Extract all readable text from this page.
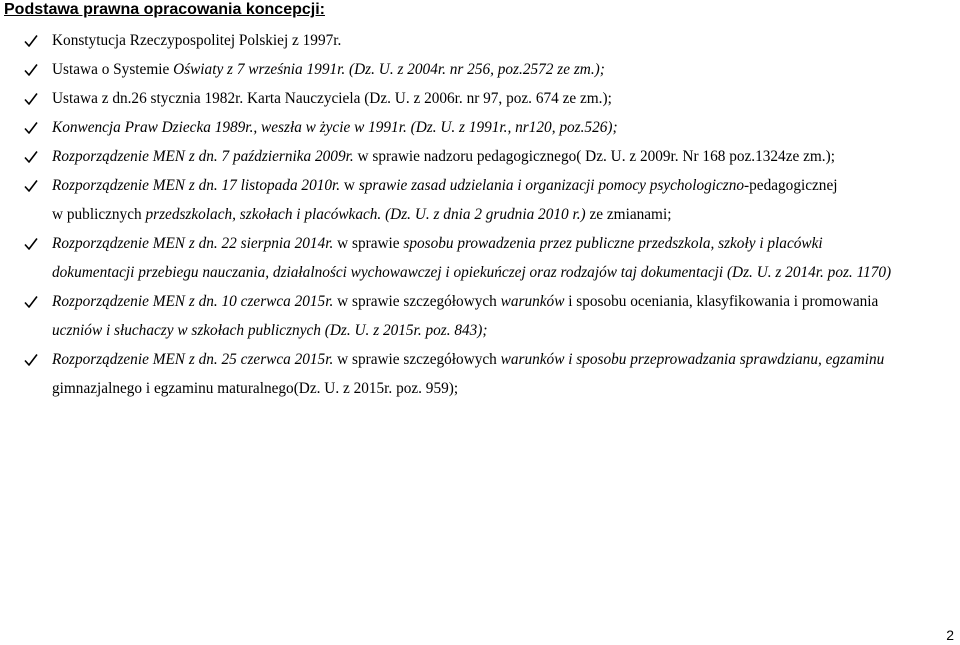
Podstawa prawna opracowania koncepcji:
Konstytucja Rzeczypospolitej Polskiej z 1997r.
Ustawa o Systemie Oświaty z 7 września 1991r. (Dz. U. z 2004r. nr 256, poz.2572 ze zm.);
Ustawa z dn.26 stycznia 1982r. Karta Nauczyciela (Dz. U. z 2006r. nr 97, poz. 674 ze zm.);
Konwencja Praw Dziecka 1989r., weszła w życie w 1991r. (Dz. U. z 1991r., nr120, poz.526);
Rozporządzenie MEN z dn. 7 października 2009r. w sprawie nadzoru pedagogicznego( Dz. U. z 2009r. Nr 168 poz.1324ze zm.);
Rozporządzenie MEN z dn. 17 listopada 2010r. w sprawie zasad udzielania i organizacji pomocy psychologiczno-pedagogicznej
w publicznych przedszkolach, szkołach i placówkach. (Dz. U. z dnia 2 grudnia 2010 r.) ze zmianami;
Rozporządzenie MEN z dn. 22 sierpnia 2014r. w sprawie sposobu prowadzenia przez publiczne przedszkola, szkoły i placówki
dokumentacji przebiegu nauczania, działalności wychowawczej i opiekuńczej oraz rodzajów taj dokumentacji (Dz. U. z 2014r. poz. 1170)
Rozporządzenie MEN z dn. 10 czerwca 2015r. w sprawie szczegółowych warunków i sposobu oceniania, klasyfikowania i promowania
uczniów i słuchaczy w szkołach publicznych (Dz. U. z 2015r. poz. 843);
Rozporządzenie MEN z dn. 25 czerwca 2015r. w sprawie szczegółowych warunków i sposobu przeprowadzania sprawdzianu, egzaminu
gimnazjalnego i egzaminu maturalnego(Dz. U. z 2015r. poz. 959);
2
